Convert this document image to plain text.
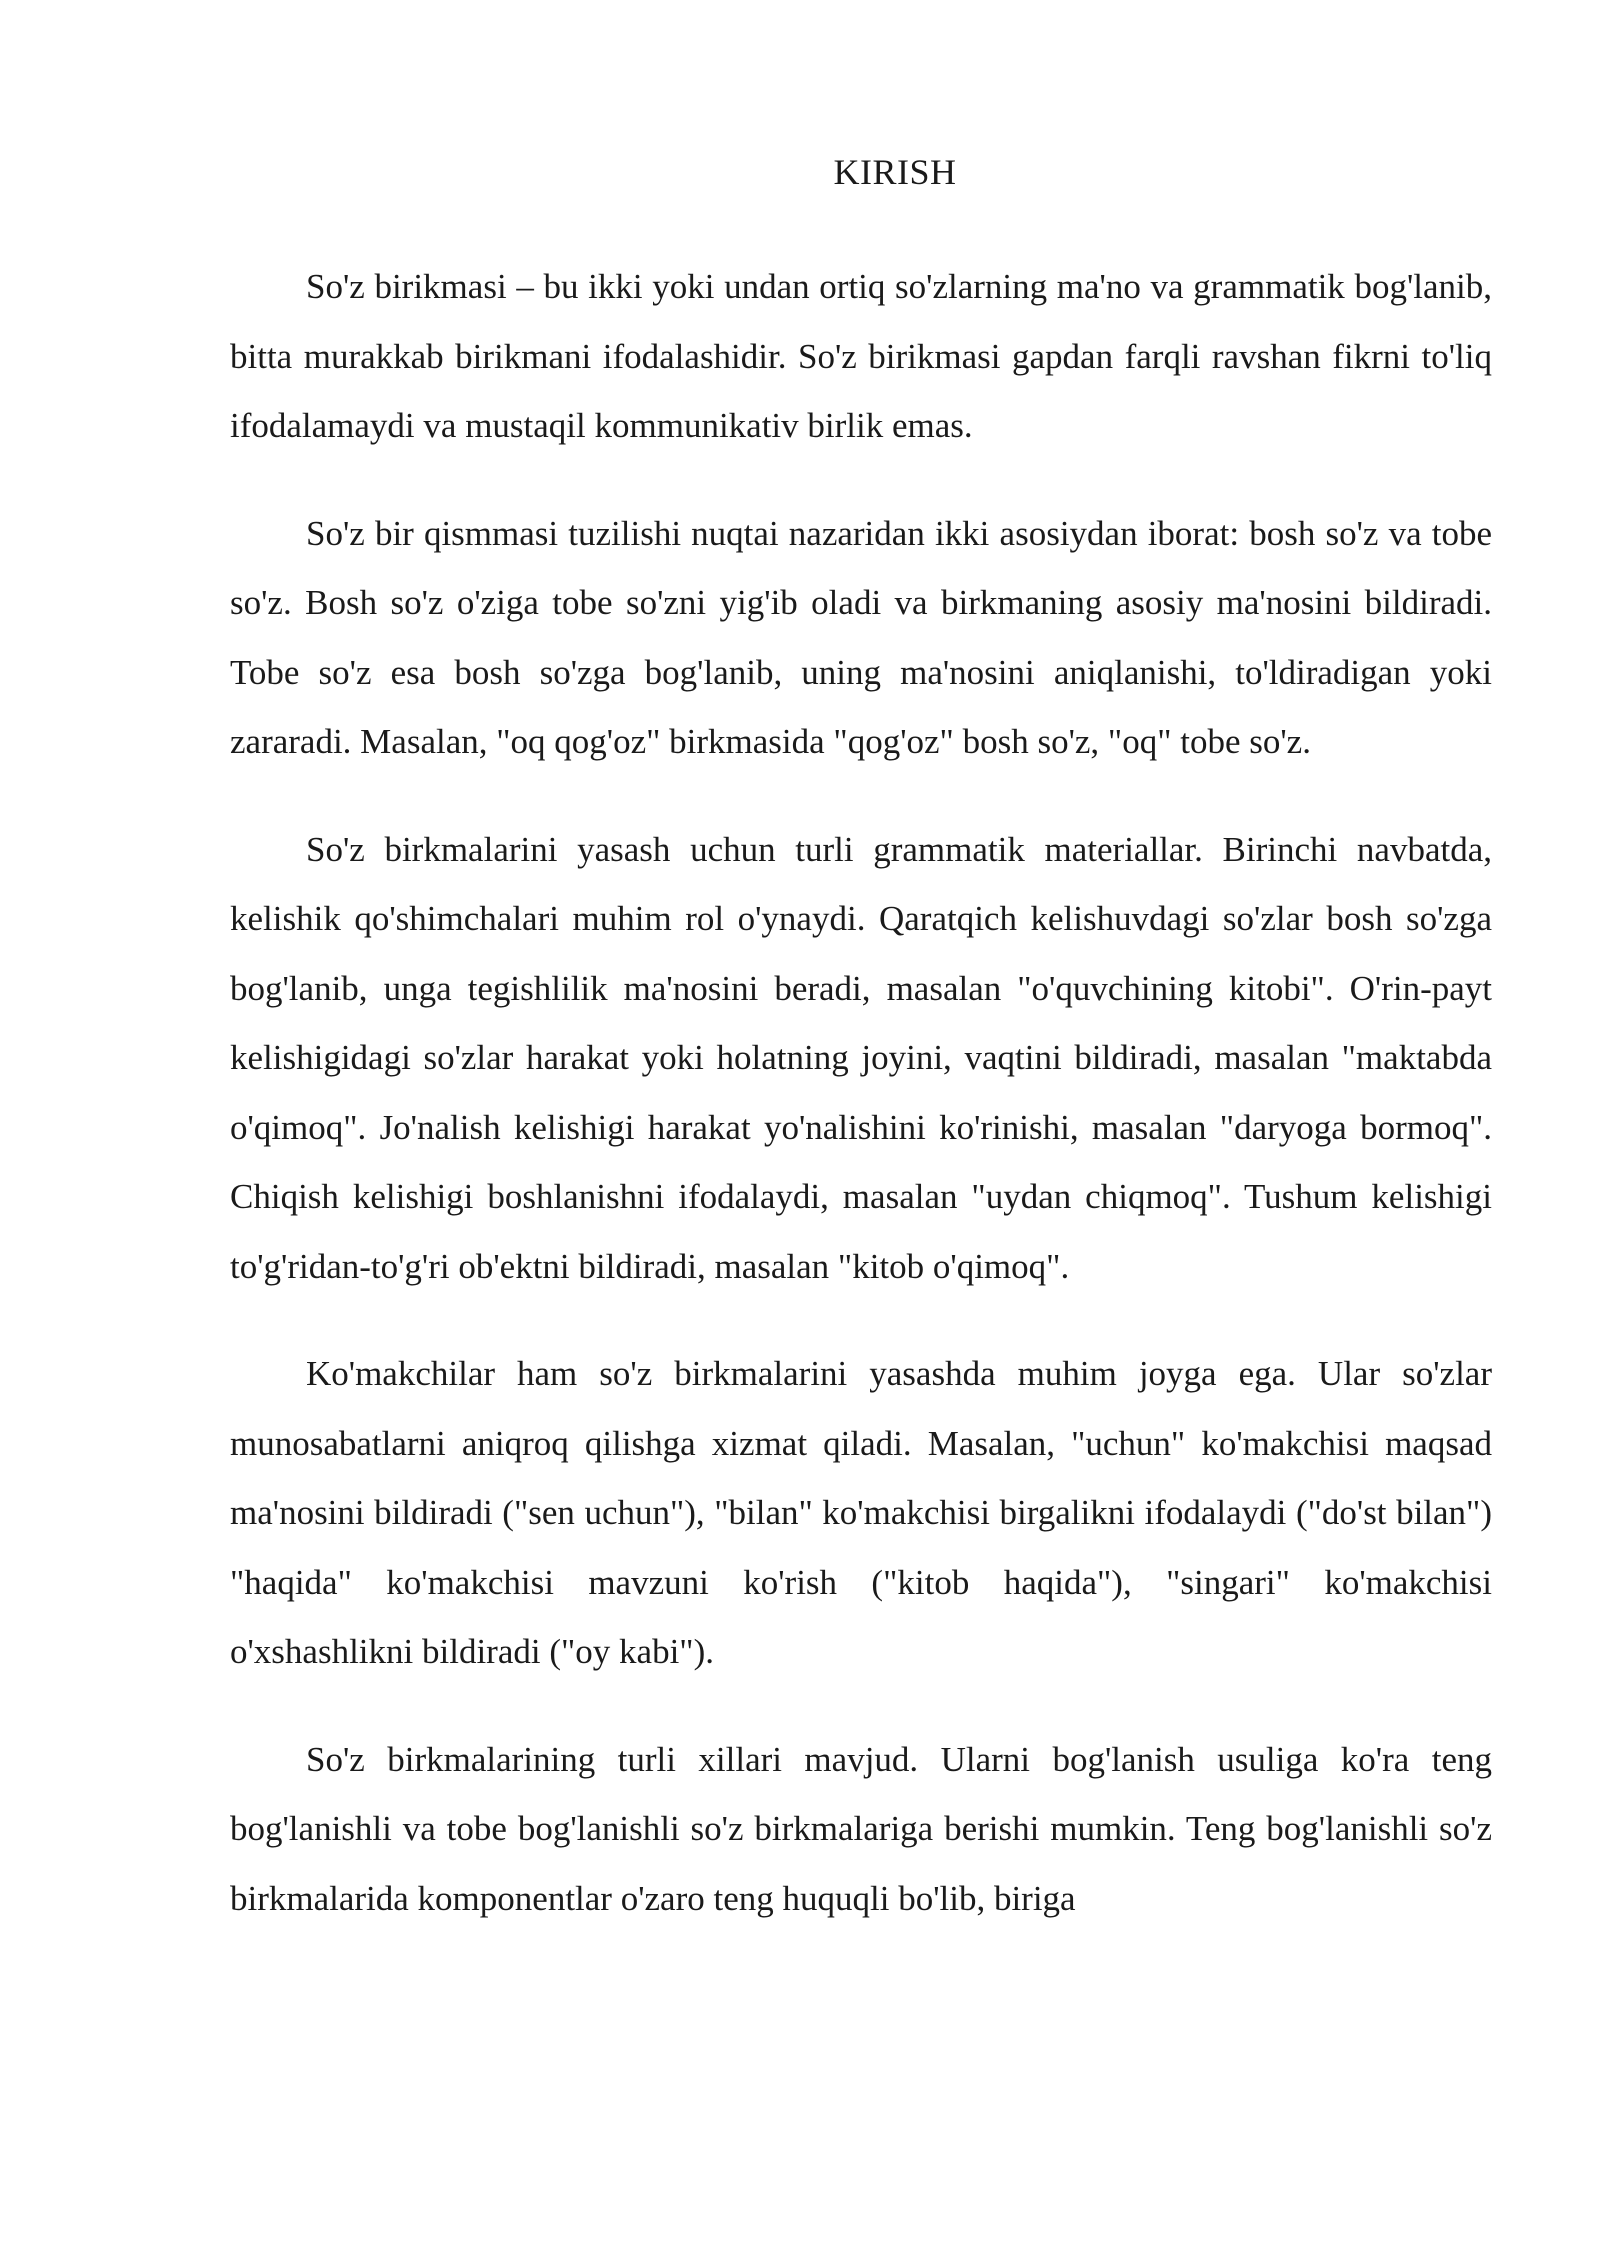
KIRISH

So'z birikmasi – bu ikki yoki undan ortiq so'zlarning ma'no va grammatik bog'lanib, bitta murakkab birikmani ifodalashidir. So'z birikmasi gapdan farqli ravshan fikrni to'liq ifodalamaydi va mustaqil kommunikativ birlik emas.

So'z bir qismmasi tuzilishi nuqtai nazaridan ikki asosiydan iborat: bosh so'z va tobe so'z. Bosh so'z o'ziga tobe so'zni yig'ib oladi va birkmaning asosiy ma'nosini bildiradi. Tobe so'z esa bosh so'zga bog'lanib, uning ma'nosini aniqlanishi, to'ldiradigan yoki zararadi. Masalan, "oq qog'oz" birkmasida "qog'oz" bosh so'z, "oq" tobe so'z.

So'z birkmalarini yasash uchun turli grammatik materiallar. Birinchi navbatda, kelishik qo'shimchalari muhim rol o'ynaydi. Qaratqich kelishuvdagi so'zlar bosh so'zga bog'lanib, unga tegishlilik ma'nosini beradi, masalan "o'quvchining kitobi". O'rin-payt kelishigidagi so'zlar harakat yoki holatning joyini, vaqtini bildiradi, masalan "maktabda o'qimoq". Jo'nalish kelishigi harakat yo'nalishini ko'rinishi, masalan "daryoga bormoq". Chiqish kelishigi boshlanishni ifodalaydi, masalan "uydan chiqmoq". Tushum kelishigi to'g'ridan-to'g'ri ob'ektni bildiradi, masalan "kitob o'qimoq".

Ko'makchilar ham so'z birkmalarini yasashda muhim joyga ega. Ular so'zlar munosabatlarni aniqroq qilishga xizmat qiladi. Masalan, "uchun" ko'makchisi maqsad ma'nosini bildiradi ("sen uchun"), "bilan" ko'makchisi birgalikni ifodalaydi ("do'st bilan") "haqida" ko'makchisi mavzuni ko'rish ("kitob haqida"), "singari" ko'makchisi o'xshashlikni bildiradi ("oy kabi").

So'z birkmalarining turli xillari mavjud. Ularni bog'lanish usuliga ko'ra teng bog'lanishli va tobe bog'lanishli so'z birkmalariga berishi mumkin. Teng bog'lanishli so'z birkmalarida komponentlar o'zaro teng huquqli bo'lib, biriga
